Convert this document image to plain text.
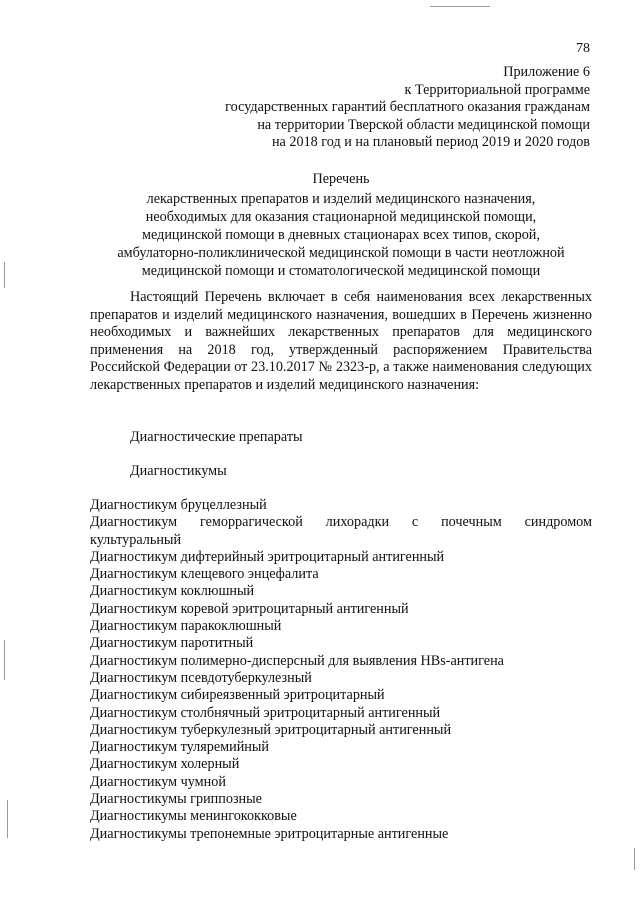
78
Приложение 6
к Территориальной программе
государственных гарантий бесплатного оказания гражданам
на территории Тверской области медицинской помощи
на 2018 год и на плановый период 2019 и 2020 годов
Перечень
лекарственных препаратов и изделий медицинского назначения,
необходимых для оказания стационарной медицинской помощи,
медицинской помощи в дневных стационарах всех типов, скорой,
амбулаторно-поликлинической медицинской помощи в части неотложной
медицинской помощи и стоматологической медицинской помощи

Настоящий Перечень включает в себя наименования всех лекарственных препаратов и изделий медицинского назначения, вошедших в Перечень жизненно необходимых и важнейших лекарственных препаратов для медицинского применения на 2018 год, утвержденный распоряжением Правительства Российской Федерации от 23.10.2017 № 2323-р, а также наименования следующих лекарственных препаратов и изделий медицинского назначения:

Диагностические препараты
Диагностикумы
Диагностикум бруцеллезный
Диагностикум геморрагической лихорадки с почечным синдромом
культуральный
Диагностикум дифтерийный эритроцитарный антигенный
Диагностикум клещевого энцефалита
Диагностикум коклюшный
Диагностикум коревой эритроцитарный антигенный
Диагностикум паракоклюшный
Диагностикум паротитный
Диагностикум полимерно-дисперсный для выявления HBs-антигена
Диагностикум псевдотуберкулезный
Диагностикум сибиреязвенный эритроцитарный
Диагностикум столбнячный эритроцитарный антигенный
Диагностикум туберкулезный эритроцитарный антигенный
Диагностикум туляремийный
Диагностикум холерный
Диагностикум чумной
Диагностикумы гриппозные
Диагностикумы менингококковые
Диагностикумы трепонемные эритроцитарные антигенные
